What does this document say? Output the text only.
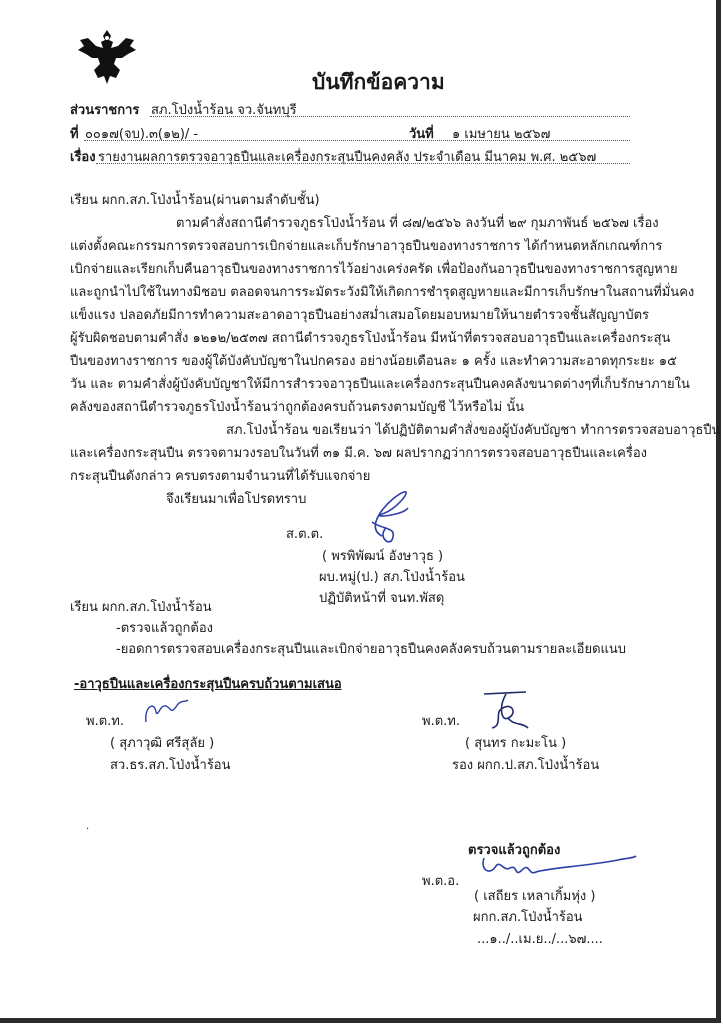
บันทึกข้อความ
ส่วนราชการ สภ.โป่งน้ำร้อน จว.จันทบุรี
ที่ ๐๐๑๗(จบ).๓(๑๒)/ -	วันที่ ๑ เมษายน ๒๕๖๗
เรื่อง รายงานผลการตรวจอาวุธปืนและเครื่องกระสุนปืนคงคลัง ประจำเดือน มีนาคม พ.ศ. ๒๕๖๗
เรียน ผกก.สภ.โป่งน้ำร้อน(ผ่านตามลำดับชั้น)
ตามคำสั่งสถานีตำรวจภูธรโป่งน้ำร้อน ที่ ๘๗/๒๕๖๖ ลงวันที่ ๒๙ กุมภาพันธ์ ๒๕๖๗ เรื่อง
แต่งตั้งคณะกรรมการตรวจสอบการเบิกจ่ายและเก็บรักษาอาวุธปืนของทางราชการ ได้กำหนดหลักเกณฑ์การ
เบิกจ่ายและเรียกเก็บคืนอาวุธปืนของทางราชการไว้อย่างเคร่งครัด เพื่อป้องกันอาวุธปืนของทางราชการสูญหาย
และถูกนำไปใช้ในทางมิชอบ ตลอดจนการระมัดระวังมิให้เกิดการชำรุดสูญหายและมีการเก็บรักษาในสถานที่มั่นคง
แข็งแรง ปลอดภัยมีการทำความสะอาดอาวุธปืนอย่างสม่ำเสมอโดยมอบหมายให้นายตำรวจชั้นสัญญาบัตร
ผู้รับผิดชอบตามคำสั่ง ๑๒๑๒/๒๕๓๗ สถานีตำรวจภูธรโป่งน้ำร้อน มีหน้าที่ตรวจสอบอาวุธปืนและเครื่องกระสุน
ปืนของทางราชการ ของผู้ใต้บังคับบัญชาในปกครอง อย่างน้อยเดือนละ ๑ ครั้ง และทำความสะอาดทุกระยะ ๑๕
วัน และ ตามคำสั่งผู้บังคับบัญชาให้มีการสำรวจอาวุธปืนและเครื่องกระสุนปืนคงคลังขนาดต่างๆที่เก็บรักษาภายใน
คลังของสถานีตำรวจภูธรโป่งน้ำร้อนว่าถูกต้องครบถ้วนตรงตามบัญชี ไว้หรือไม่ นั้น
สภ.โป่งน้ำร้อน ขอเรียนว่า ได้ปฏิบัติตามคำสั่งของผู้บังคับบัญชา ทำการตรวจสอบอาวุธปืน
และเครื่องกระสุนปืน ตรวจตามวงรอบในวันที่ ๓๑ มี.ค. ๖๗ ผลปรากฏว่าการตรวจสอบอาวุธปืนและเครื่อง
กระสุนปืนดังกล่าว ครบตรงตามจำนวนที่ได้รับแจกจ่าย
จึงเรียนมาเพื่อโปรดทราบ
ส.ต.ต.
( พรพิพัฒน์ อังษาวุธ )
ผบ.หมู่(ป.) สภ.โป่งน้ำร้อน
ปฏิบัติหน้าที่ จนท.พัสดุ
เรียน ผกก.สภ.โป่งน้ำร้อน
-ตรวจแล้วถูกต้อง
-ยอดการตรวจสอบเครื่องกระสุนปืนและเบิกจ่ายอาวุธปืนคงคลังครบถ้วนตามรายละเอียดแนบ
-อาวุธปืนและเครื่องกระสุนปืนครบถ้วนตามเสนอ
พ.ต.ท.
( สุภาวุฒิ ศรีสุลัย )
สว.ธร.สภ.โป่งน้ำร้อน
พ.ต.ท.
( สุนทร กะมะโน )
รอง ผกก.ป.สภ.โป่งน้ำร้อน
·
ตรวจแล้วถูกต้อง
พ.ต.อ.
( เสถียร เหลาเกิ้มหุ่ง )
ผกก.สภ.โป่งน้ำร้อน
...๑../..เม.ย../...๖๗....
